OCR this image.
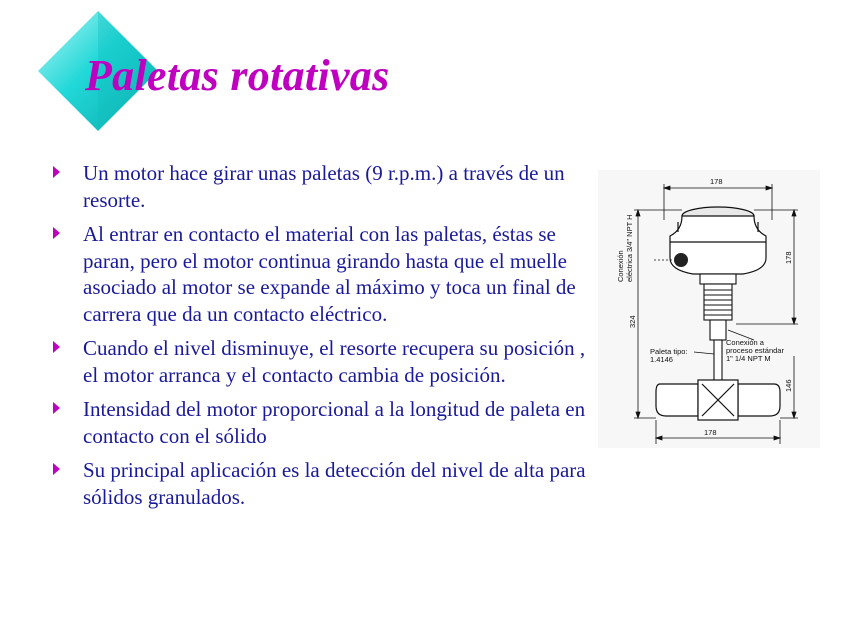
Paletas rotativas
Un motor hace girar unas paletas (9 r.p.m.) a través de un resorte.
Al entrar en contacto el material con las paletas, éstas se paran, pero el motor continua girando hasta que el muelle asociado al motor se expande al máximo y toca un final de carrera que da un contacto eléctrico.
Cuando el nivel disminuye, el resorte recupera su posición , el motor arranca y el contacto cambia de posición.
Intensidad del motor proporcional a la longitud de paleta en contacto con el sólido
Su principal aplicación es la detección del nivel de alta para sólidos granulados.
178
324
Conexión eléctrica 3/4" NPT H	178
146
Conexión a
proceso estándar
1" 1/4 NPT M
Paleta tipo:
1.4146
178
